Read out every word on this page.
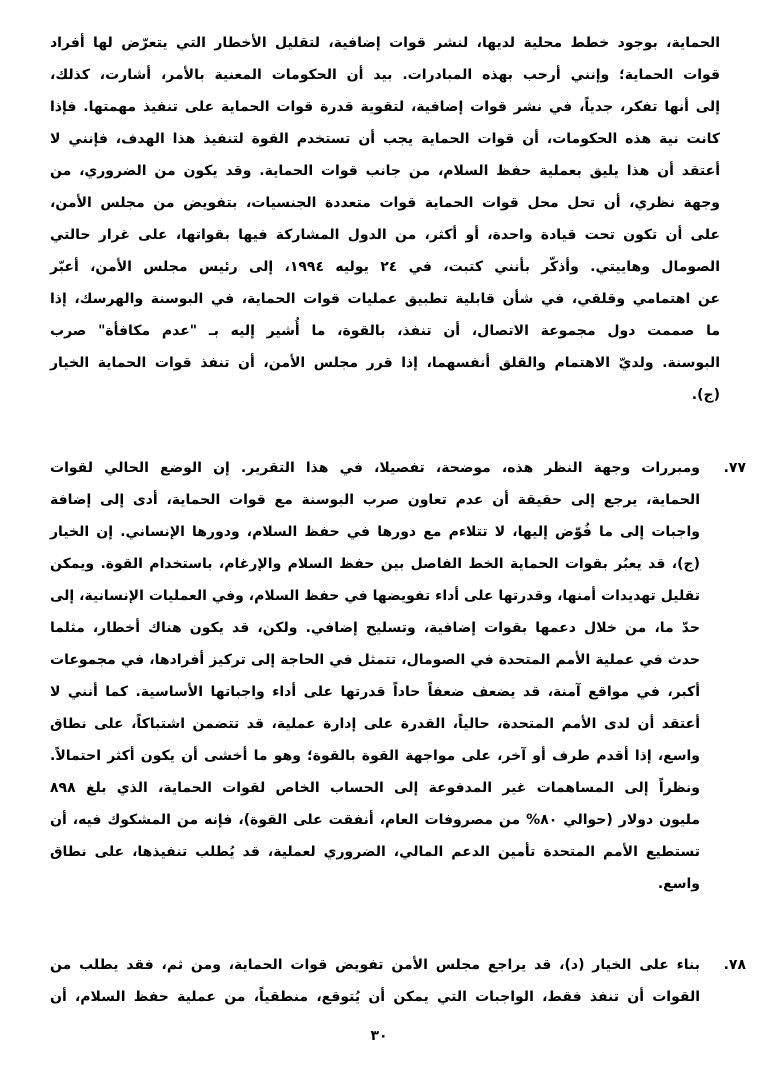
الحماية، بوجود خطط محلية لديها، لنشر قوات إضافية، لتقليل الأخطار التي يتعرّض لها أفراد
قوات الحماية؛ وإنني أرحب بهذه المبادرات. بيد أن الحكومات المعنية بالأمر، أشارت، كذلك،
إلى أنها تفكر، جدياً، في نشر قوات إضافية، لتقوية قدرة قوات الحماية على تنفيذ مهمتها. فإذا
كانت نية هذه الحكومات، أن قوات الحماية يجب أن تستخدم القوة لتنفيذ هذا الهدف، فإنني لا
أعتقد أن هذا يليق بعملية حفظ السلام، من جانب قوات الحماية. وقد يكون من الضروري، من
وجهة نظري، أن تحل محل قوات الحماية قوات متعددة الجنسيات، بتفويض من مجلس الأمن،
على أن تكون تحت قيادة واحدة، أو أكثر، من الدول المشاركة فيها بقواتها، على غرار حالتي
الصومال وهاييتي. وأذكّر بأنني كتبت، في ٢٤ يوليه ١٩٩٤، إلى رئيس مجلس الأمن، أعبّر
عن اهتمامي وقلقي، في شأن قابلية تطبيق عمليات قوات الحماية، في البوسنة والهرسك، إذا
ما صممت دول مجموعة الاتصال، أن تنفذ، بالقوة، ما أُشير إليه بـ "عدم مكافأة" صرب
البوسنة. ولديّ الاهتمام والقلق أنفسهما، إذا قرر مجلس الأمن، أن تنفذ قوات الحماية الخيار
(ج).
٧٧.
ومبررات وجهة النظر هذه، موضحة، تفصيلا، في هذا التقرير. إن الوضع الحالي لقوات
الحماية، يرجع إلى حقيقة أن عدم تعاون صرب البوسنة مع قوات الحماية، أدى إلى إضافة
واجبات إلى ما فُوّض إليها، لا تتلاءم مع دورها في حفظ السلام، ودورها الإنساني. إن الخيار
(ج)، قد يعبُر بقوات الحماية الخط الفاصل بين حفظ السلام والإرغام، باستخدام القوة. ويمكن
تقليل تهديدات أمنها، وقدرتها على أداء تفويضها في حفظ السلام، وفي العمليات الإنسانية، إلى
حدّ ما، من خلال دعمها بقوات إضافية، وتسليح إضافي. ولكن، قد يكون هناك أخطار، مثلما
حدث في عملية الأمم المتحدة في الصومال، تتمثل في الحاجة إلى تركيز أفرادها، في مجموعات
أكبر، في مواقع آمنة، قد يضعف ضعفاً حاداً قدرتها على أداء واجباتها الأساسية. كما أنني لا
أعتقد أن لدى الأمم المتحدة، حالياً، القدرة على إدارة عملية، قد تتضمن اشتباكاً، على نطاق
واسع، إذا أقدم طرف أو آخر، على مواجهة القوة بالقوة؛ وهو ما أخشى أن يكون أكثر احتمالاً.
ونظراً إلى المساهمات غير المدفوعة إلى الحساب الخاص لقوات الحماية، الذي بلغ ٨٩٨
مليون دولار (حوالي ٨٠% من مصروفات العام، أنفقت على القوة)، فإنه من المشكوك فيه، أن
تستطيع الأمم المتحدة تأمين الدعم المالي، الضروري لعملية، قد يُطلب تنفيذها، على نطاق
واسع.
٧٨.
بناء على الخيار (د)، قد يراجع مجلس الأمن تفويض قوات الحماية، ومن ثم، فقد يطلب من
القوات أن تنفذ فقط، الواجبات التي يمكن أن يُتوقع، منطقياً، من عملية حفظ السلام، أن
٣٠
